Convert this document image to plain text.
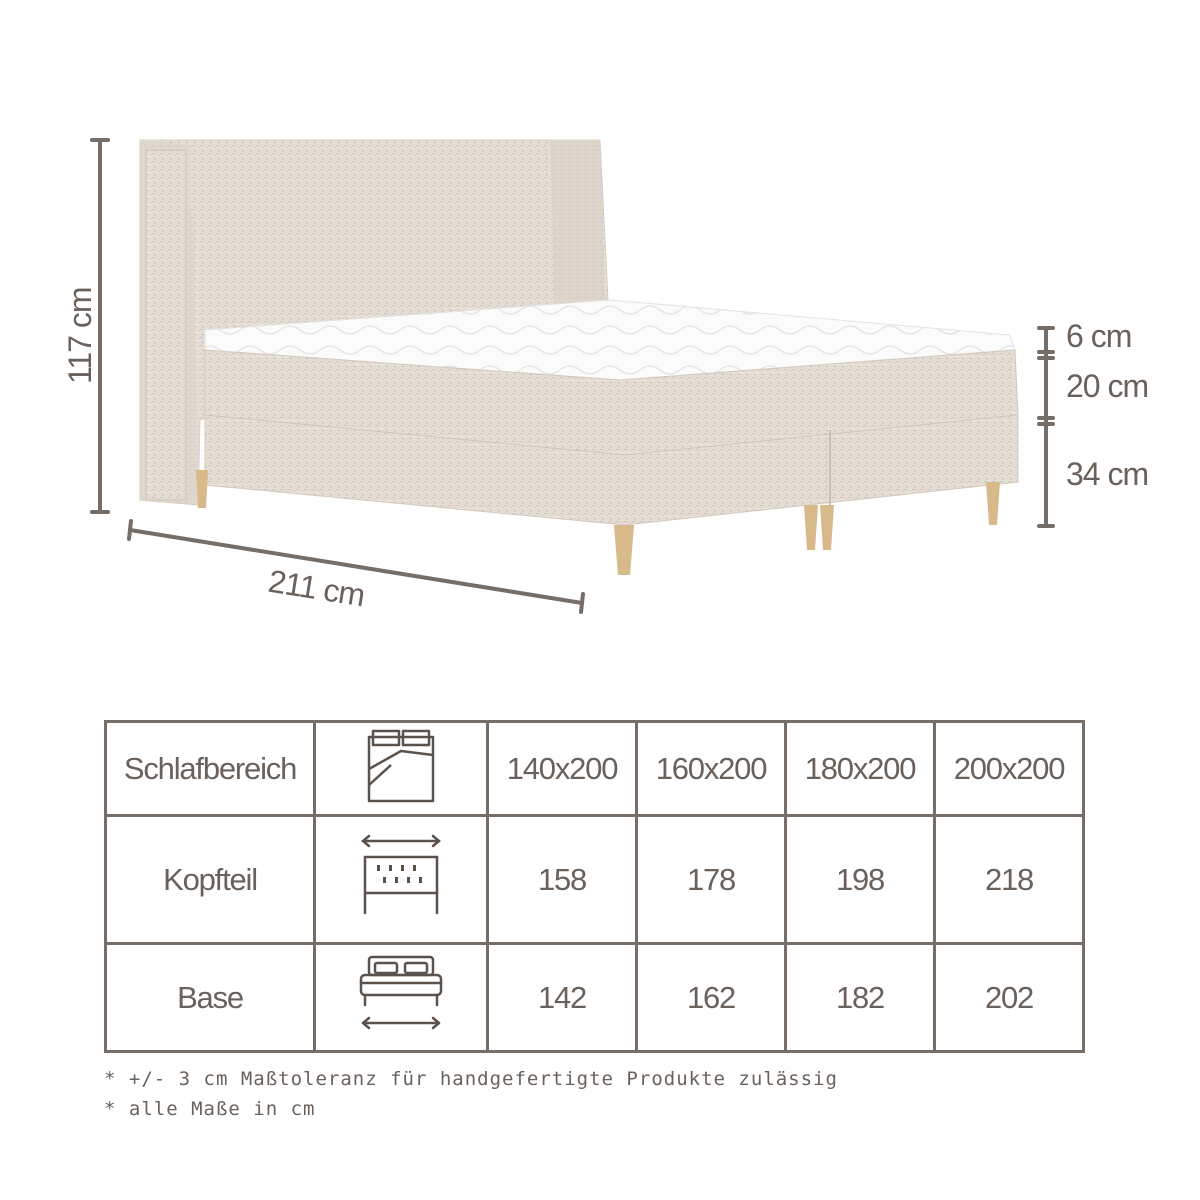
117 cm
211 cm
6 cm
20 cm
34 cm
Schlafbereich		140x200	160x200	180x200	200x200
Kopfteil		158	178	198	218
Base		142	162	182	202
* +/- 3 cm Maßtoleranz für handgefertigte Produkte zulässig
* alle Maße in cm
